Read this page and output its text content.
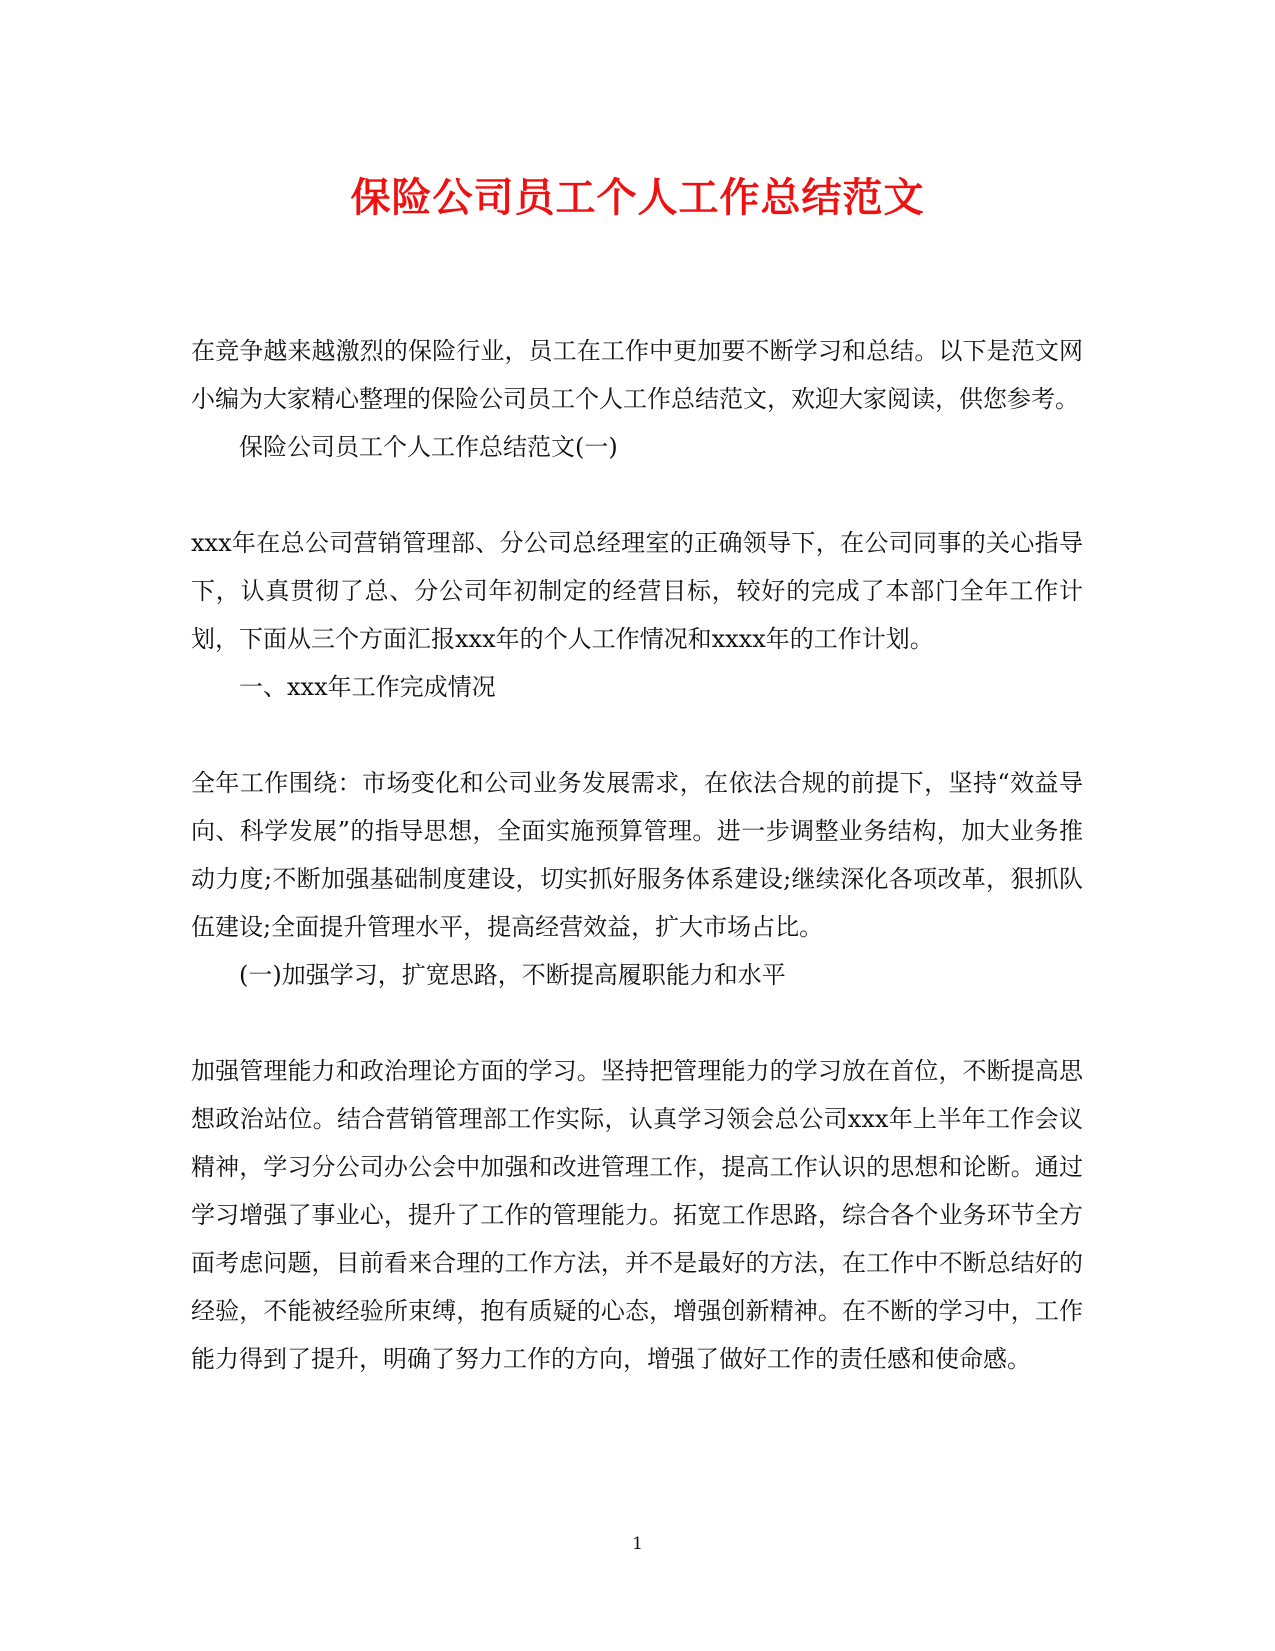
保险公司员工个人工作总结范文

在竞争越来越激烈的保险行业，员工在工作中更加要不断学习和总结。以下是范文网小编为大家精心整理的保险公司员工个人工作总结范文，欢迎大家阅读，供您参考。

保险公司员工个人工作总结范文(一)

xxx年在总公司营销管理部、分公司总经理室的正确领导下，在公司同事的关心指导下，认真贯彻了总、分公司年初制定的经营目标，较好的完成了本部门全年工作计划，下面从三个方面汇报xxx年的个人工作情况和xxxx年的工作计划。

一、xxx年工作完成情况

全年工作围绕：市场变化和公司业务发展需求，在依法合规的前提下，坚持“效益导向、科学发展”的指导思想，全面实施预算管理。进一步调整业务结构，加大业务推动力度;不断加强基础制度建设，切实抓好服务体系建设;继续深化各项改革，狠抓队伍建设;全面提升管理水平，提高经营效益，扩大市场占比。

(一)加强学习，扩宽思路，不断提高履职能力和水平

加强管理能力和政治理论方面的学习。坚持把管理能力的学习放在首位，不断提高思想政治站位。结合营销管理部工作实际，认真学习领会总公司xxx年上半年工作会议精神，学习分公司办公会中加强和改进管理工作，提高工作认识的思想和论断。通过学习增强了事业心，提升了工作的管理能力。拓宽工作思路，综合各个业务环节全方面考虑问题，目前看来合理的工作方法，并不是最好的方法，在工作中不断总结好的经验，不能被经验所束缚，抱有质疑的心态，增强创新精神。在不断的学习中，工作能力得到了提升，明确了努力工作的方向，增强了做好工作的责任感和使命感。

1
